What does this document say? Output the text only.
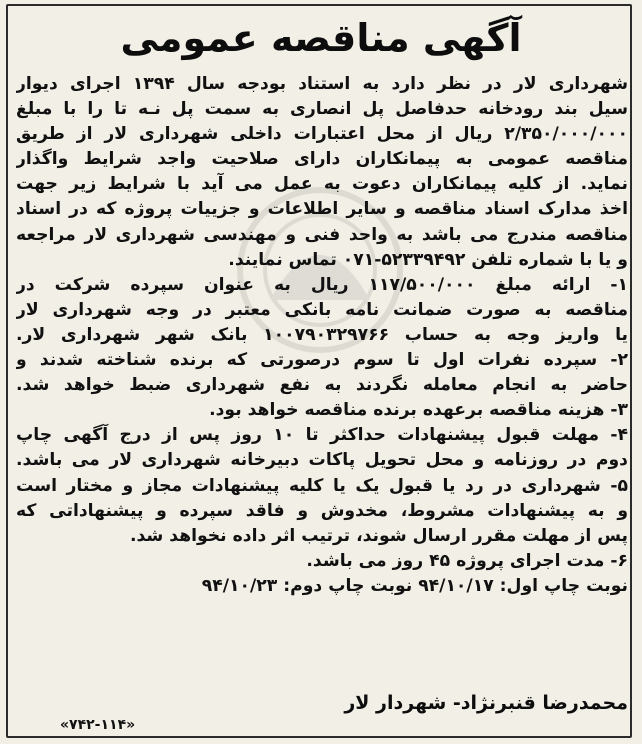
آگهی مناقصه عمومی
شهرداری لار در نظر دارد به استناد بودجه سال ۱۳۹۴ اجرای دیوار
سیل بند رودخانه حدفاصل پل انصاری به سمت پل نـه تا را با مبلغ
۲/۳۵۰/۰۰۰/۰۰۰ ریال از محل اعتبارات داخلی شهرداری لار از طریق
مناقصه عمومی به پیمانکاران دارای صلاحیت واجد شرایط واگذار
نماید. از کلیه پیمانکاران دعوت به عمل می آید با شرایط زیر جهت
اخذ مدارک اسناد مناقصه و سایر اطلاعات و جزییات پروژه که در اسناد
مناقصه مندرج می باشد به واحد فنی و مهندسی شهرداری لار مراجعه
و یا با شماره تلفن ۵۲۳۳۹۴۹۲-۰۷۱ تماس نمایند.
۱- ارائه مبلغ ۱۱۷/۵۰۰/۰۰۰ ریال به عنوان سپرده شرکت در
مناقصه به صورت ضمانت نامه بانکی معتبر در وجه شهرداری لار
یا واریز وجه به حساب ۱۰۰۷۹۰۳۲۹۷۶۶ بانک شهر شهرداری لار.
۲- سپرده نفرات اول تا سوم درصورتی که برنده شناخته شدند و
حاضر به انجام معامله نگردند به نفع شهرداری ضبط خواهد شد.
۳- هزینه مناقصه برعهده برنده مناقصه خواهد بود.
۴- مهلت قبول پیشنهادات حداکثر تا ۱۰ روز پس از درج آگهی چاپ
دوم در روزنامه و محل تحویل پاکات دبیرخانه شهرداری لار می باشد.
۵- شهرداری در رد یا قبول یک یا کلیه پیشنهادات مجاز و مختار است
و به پیشنهادات مشروط، مخدوش و فاقد سپرده و پیشنهاداتی که
پس از مهلت مقرر ارسال شوند، ترتیب اثر داده نخواهد شد.
۶- مدت اجرای پروژه ۴۵ روز می باشد.
نوبت چاپ اول: ۹۴/۱۰/۱۷ نوبت چاپ دوم: ۹۴/۱۰/۲۳
محمدرضا قنبرنژاد- شهردار لار
«۷۴۲-۱۱۴»
